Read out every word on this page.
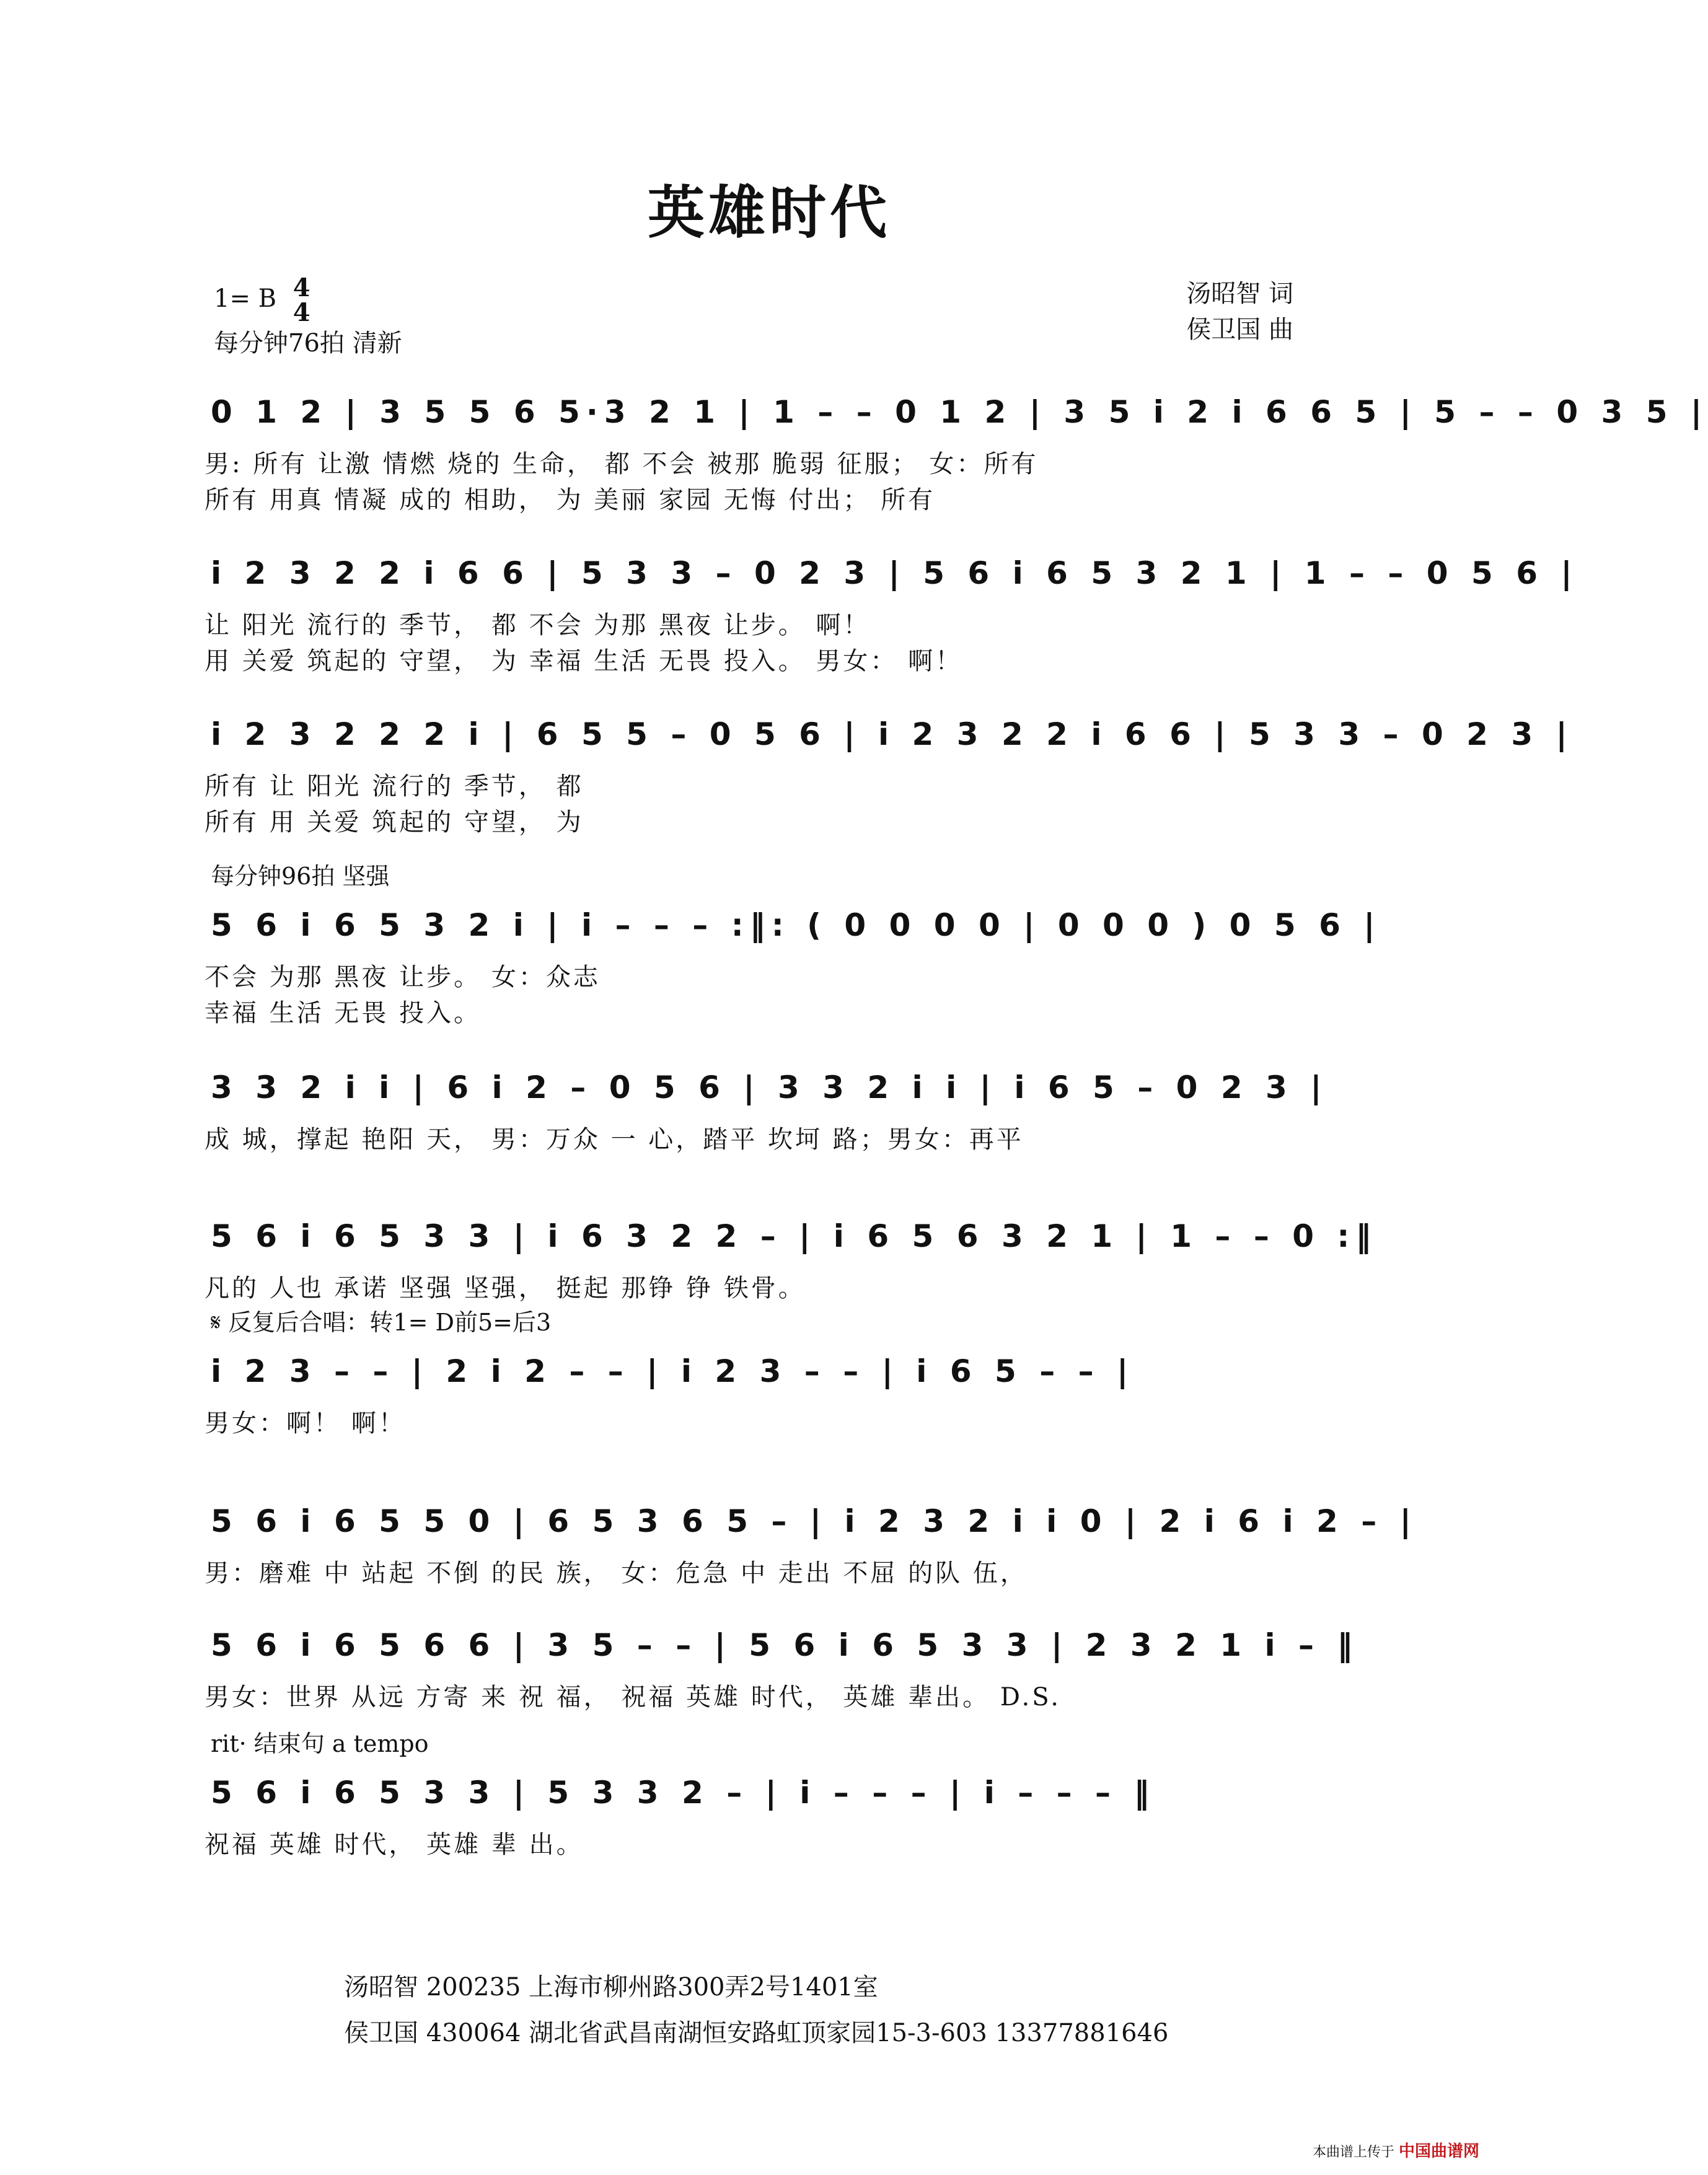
英雄时代
1= B 4
4
每分钟76拍 清新
汤昭智 词
侯卫国 曲
0 1 2 | 3 5 5 6 5·3 2 1 | 1 – – 0 1 2 | 3 5 i 2 i 6 6 5 | 5 – – 0 3 5 |
男: 所有 让激 情燃 烧的 生命， 都 不会 被那 脆弱 征服； 女：所有
所有 用真 情凝 成的 相助， 为 美丽 家园 无悔 付出； 所有
i 2 3 2 2 i 6 6 | 5 3 3 – 0 2 3 | 5 6 i 6 5 3 2 1 | 1 – – 0 5 6 |
让 阳光 流行的 季节， 都 不会 为那 黑夜 让步。 啊！
用 关爱 筑起的 守望， 为 幸福 生活 无畏 投入。 男女： 啊！
i 2 3 2 2 2 i | 6 5 5 – 0 5 6 | i 2 3 2 2 i 6 6 | 5 3 3 – 0 2 3 |
所有 让 阳光 流行的 季节， 都
所有 用 关爱 筑起的 守望， 为
每分钟96拍 坚强
5 6 i 6 5 3 2 i | i – – – :‖: ( 0 0 0 0 | 0 0 0 ) 0 5 6 |
不会 为那 黑夜 让步。 女：众志
幸福 生活 无畏 投入。
3 3 2 i i | 6 i 2 – 0 5 6 | 3 3 2 i i | i 6 5 – 0 2 3 |
成 城，撑起 艳阳 天， 男：万众 一 心，踏平 坎坷 路；男女：再平
5 6 i 6 5 3 3 | i 6 3 2 2 – | i 6 5 6 3 2 1 | 1 – – 0 :‖
凡的 人也 承诺 坚强 坚强， 挺起 那铮 铮 铁骨。
𝄋 反复后合唱：转1= D前5=后3
i 2 3 – – | 2 i 2 – – | i 2 3 – – | i 6 5 – – |
男女：啊！ 啊！
5 6 i 6 5 5 0 | 6 5 3 6 5 – | i 2 3 2 i i 0 | 2 i 6 i 2 – |
男：磨难 中 站起 不倒 的民 族， 女：危急 中 走出 不屈 的队 伍，
5 6 i 6 5 6 6 | 3 5 – – | 5 6 i 6 5 3 3 | 2 3 2 1 i – ‖
男女：世界 从远 方寄 来 祝 福， 祝福 英雄 时代， 英雄 辈出。 D.S.
rit· 结束句 a tempo
5 6 i 6 5 3 3 | 5 3 3 2 – | i – – – | i – – – ‖
祝福 英雄 时代， 英雄 辈 出。
汤昭智 200235 上海市柳州路300弄2号1401室
侯卫国 430064 湖北省武昌南湖恒安路虹顶家园15-3-603 13377881646
本曲谱上传于 中国曲谱网
